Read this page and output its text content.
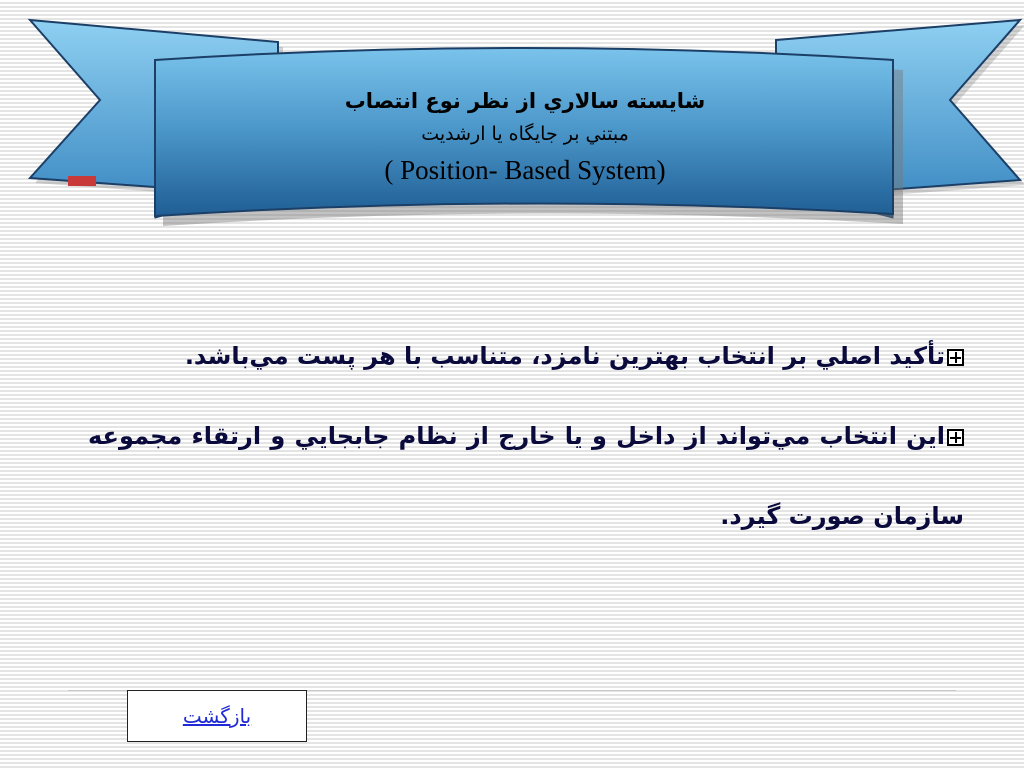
شايسته سالاري از نظر نوع انتصاب
مبتني بر جايگاه يا ارشديت
( Position- Based System)

تأكيد اصلي بر انتخاب بهترين نامزد، متناسب با هر پست مي‌باشد.

اين انتخاب مي‌تواند از داخل و يا خارج از نظام جابجايي و ارتقاء مجموعه سازمان صورت گيرد.

بازگشت
